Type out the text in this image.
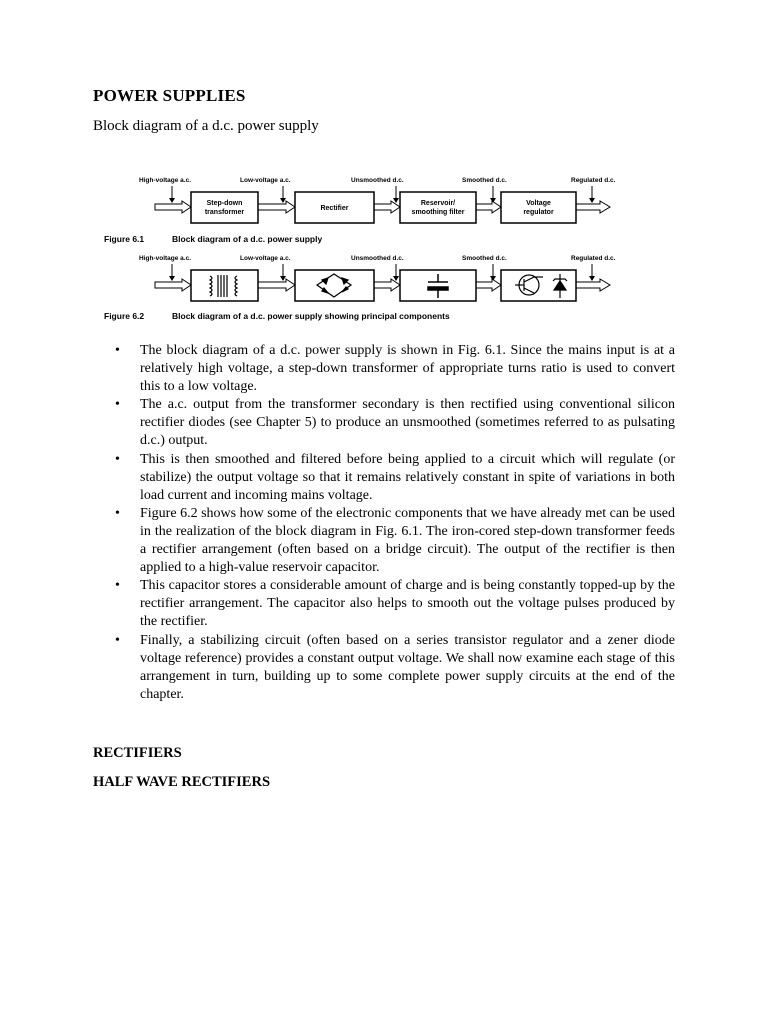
POWER SUPPLIES

Block diagram of a d.c. power supply

High-voltage a.c.	Low-voltage a.c.	Unsmoothed d.c.	Smoothed d.c.	Regulated d.c.
Step-down
transformer
Rectifier
Reservoir/
smoothing filter
Voltage
regulator
Figure 6.1	Block diagram of a d.c. power supply
High-voltage a.c.	Low-voltage a.c.	Unsmoothed d.c.	Smoothed d.c.	Regulated d.c.
Figure 6.2	Block diagram of a d.c. power supply showing principal components
• The block diagram of a d.c. power supply is shown in Fig. 6.1. Since the mains input is at a relatively high voltage, a step-down transformer of appropriate turns ratio is used to convert this to a low voltage.
• The a.c. output from the transformer secondary is then rectified using conventional silicon rectifier diodes (see Chapter 5) to produce an unsmoothed (sometimes referred to as pulsating d.c.) output.
• This is then smoothed and filtered before being applied to a circuit which will regulate (or stabilize) the output voltage so that it remains relatively constant in spite of variations in both load current and incoming mains voltage.
• Figure 6.2 shows how some of the electronic components that we have already met can be used in the realization of the block diagram in Fig. 6.1. The iron-cored step-down transformer feeds a rectifier arrangement (often based on a bridge circuit). The output of the rectifier is then applied to a high-value reservoir capacitor.
• This capacitor stores a considerable amount of charge and is being constantly topped-up by the rectifier arrangement. The capacitor also helps to smooth out the voltage pulses produced by the rectifier.
• Finally, a stabilizing circuit (often based on a series transistor regulator and a zener diode voltage reference) provides a constant output voltage. We shall now examine each stage of this arrangement in turn, building up to some complete power supply circuits at the end of the chapter.
RECTIFIERS
HALF WAVE RECTIFIERS
